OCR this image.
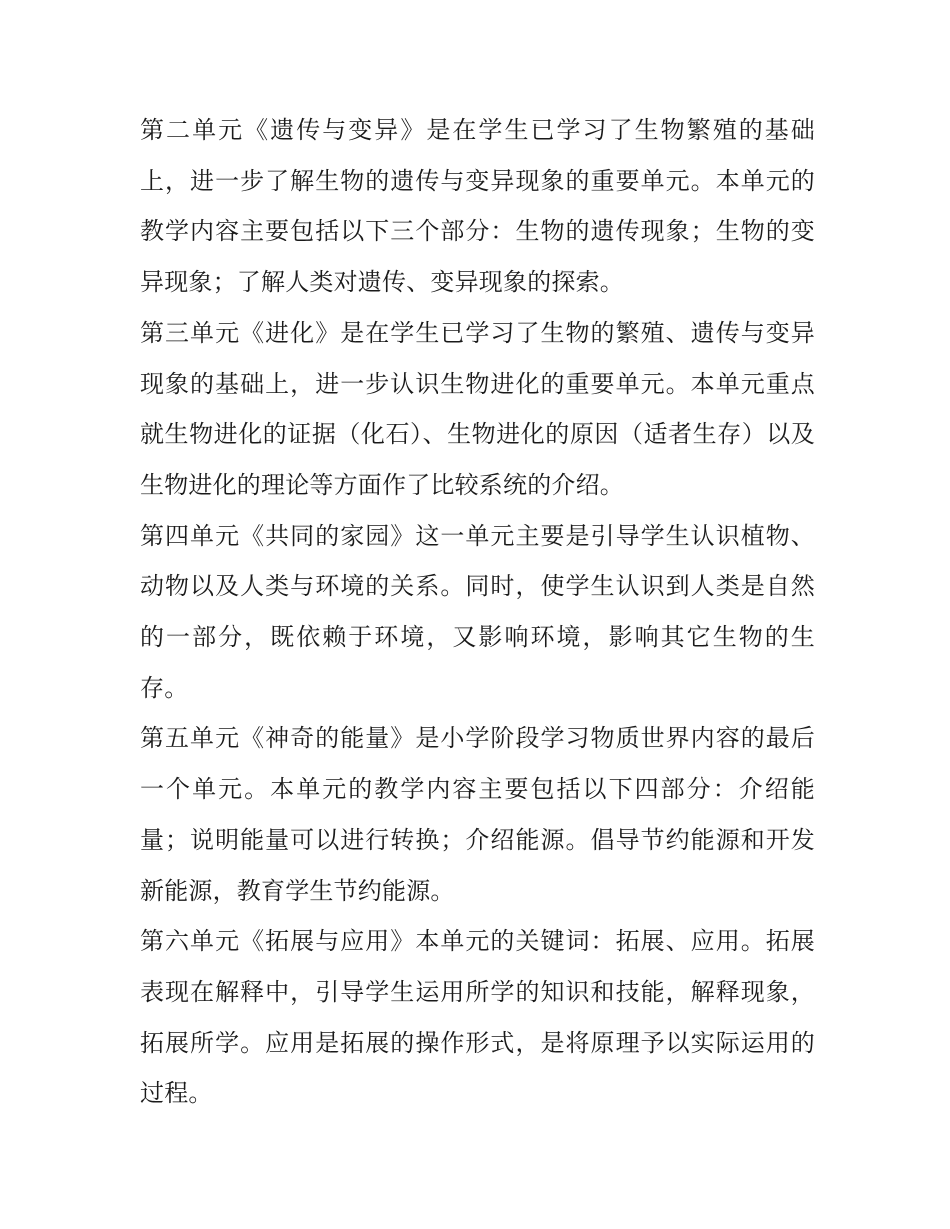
第二单元《遗传与变异》是在学生已学习了生物繁殖的基础上，进一步了解生物的遗传与变异现象的重要单元。本单元的教学内容主要包括以下三个部分：生物的遗传现象；生物的变异现象；了解人类对遗传、变异现象的探索。

第三单元《进化》是在学生已学习了生物的繁殖、遗传与变异现象的基础上，进一步认识生物进化的重要单元。本单元重点就生物进化的证据（化石）、生物进化的原因（适者生存）以及生物进化的理论等方面作了比较系统的介绍。

第四单元《共同的家园》这一单元主要是引导学生认识植物、动物以及人类与环境的关系。同时，使学生认识到人类是自然的一部分，既依赖于环境，又影响环境，影响其它生物的生存。

第五单元《神奇的能量》是小学阶段学习物质世界内容的最后一个单元。本单元的教学内容主要包括以下四部分：介绍能量；说明能量可以进行转换；介绍能源。倡导节约能源和开发新能源，教育学生节约能源。

第六单元《拓展与应用》本单元的关键词：拓展、应用。拓展表现在解释中，引导学生运用所学的知识和技能，解释现象，拓展所学。应用是拓展的操作形式，是将原理予以实际运用的过程。
